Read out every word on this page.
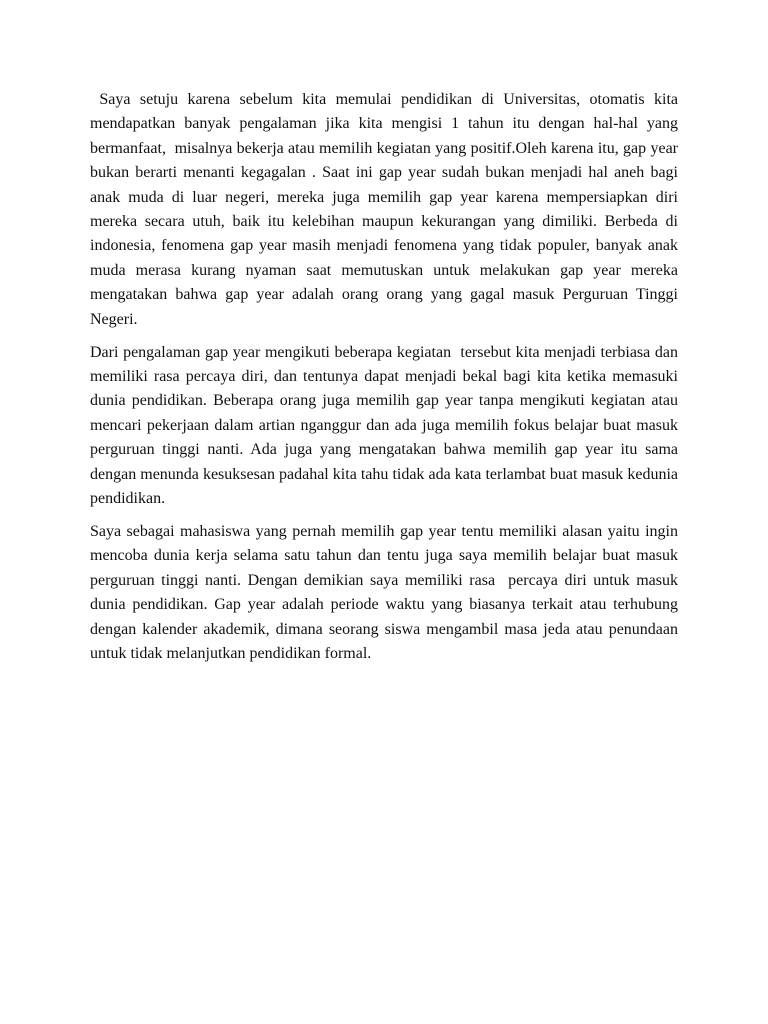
Saya setuju karena sebelum kita memulai pendidikan di Universitas, otomatis kita mendapatkan banyak pengalaman jika kita mengisi 1 tahun itu dengan hal-hal yang bermanfaat,  misalnya bekerja atau memilih kegiatan yang positif.Oleh karena itu, gap year bukan berarti menanti kegagalan . Saat ini gap year sudah bukan menjadi hal aneh bagi anak muda di luar negeri, mereka juga memilih gap year karena mempersiapkan diri mereka secara utuh, baik itu kelebihan maupun kekurangan yang dimiliki. Berbeda di indonesia, fenomena gap year masih menjadi fenomena yang tidak populer, banyak anak muda merasa kurang nyaman saat memutuskan untuk melakukan gap year mereka mengatakan bahwa gap year adalah orang orang yang gagal masuk Perguruan Tinggi Negeri.

Dari pengalaman gap year mengikuti beberapa kegiatan  tersebut kita menjadi terbiasa dan memiliki rasa percaya diri, dan tentunya dapat menjadi bekal bagi kita ketika memasuki dunia pendidikan. Beberapa orang juga memilih gap year tanpa mengikuti kegiatan atau mencari pekerjaan dalam artian nganggur dan ada juga memilih fokus belajar buat masuk perguruan tinggi nanti. Ada juga yang mengatakan bahwa memilih gap year itu sama dengan menunda kesuksesan padahal kita tahu tidak ada kata terlambat buat masuk kedunia pendidikan.

Saya sebagai mahasiswa yang pernah memilih gap year tentu memiliki alasan yaitu ingin mencoba dunia kerja selama satu tahun dan tentu juga saya memilih belajar buat masuk perguruan tinggi nanti. Dengan demikian saya memiliki rasa  percaya diri untuk masuk dunia pendidikan. Gap year adalah periode waktu yang biasanya terkait atau terhubung dengan kalender akademik, dimana seorang siswa mengambil masa jeda atau penundaan untuk tidak melanjutkan pendidikan formal.
